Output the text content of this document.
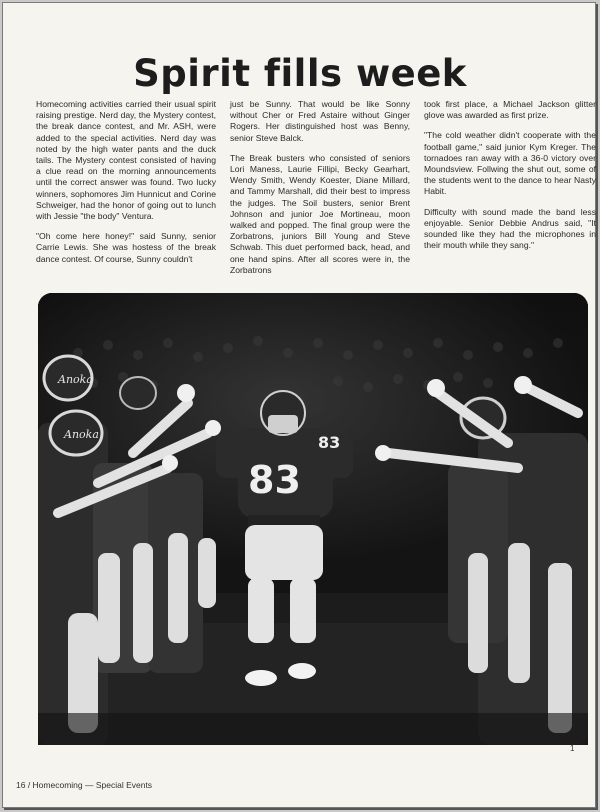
Spirit fills week

Homecoming activities carried their usual spirit raising prestige. Nerd day, the Mystery contest, the break dance contest, and Mr. ASH, were added to the special activities. Nerd day was noted by the high water pants and the duck tails. The Mystery contest consisted of having a clue read on the morning announcements until the correct answer was found. Two lucky winners, sophomores Jim Hunnicut and Corine Schweiger, had the honor of going out to lunch with Jessie "the body" Ventura.

"Oh come here honey!" said Sunny, senior Carrie Lewis. She was hostess of the break dance contest. Of course, Sunny couldn't

just be Sunny. That would be like Sonny without Cher or Fred Astaire without Ginger Rogers. Her distinguished host was Benny, senior Steve Balck.

The Break busters who consisted of seniors Lori Maness, Laurie Fillipi, Becky Gearhart, Wendy Smith, Wendy Koester, Diane Millard, and Tammy Marshall, did their best to impress the judges. The Soil busters, senior Brent Johnson and junior Joe Mortineau, moon walked and popped. The final group were the Zorbatrons, juniors Bill Young and Steve Schwab. This duet performed back, head, and one hand spins. After all scores were in, the Zorbatrons

took first place, a Michael Jackson glitter glove was awarded as first prize.

"The cold weather didn't cooperate with the football game," said junior Kym Kreger. The tornadoes ran away with a 36-0 victory over Moundsview. Follwing the shut out, some of the students went to the dance to hear Nasty Habit.

Difficulty with sound made the band less enjoyable. Senior Debbie Andrus said, "It sounded like they had the microphones in their mouth while they sang."

Anoka
Anoka
83
83
1
16 / Homecoming — Special Events
